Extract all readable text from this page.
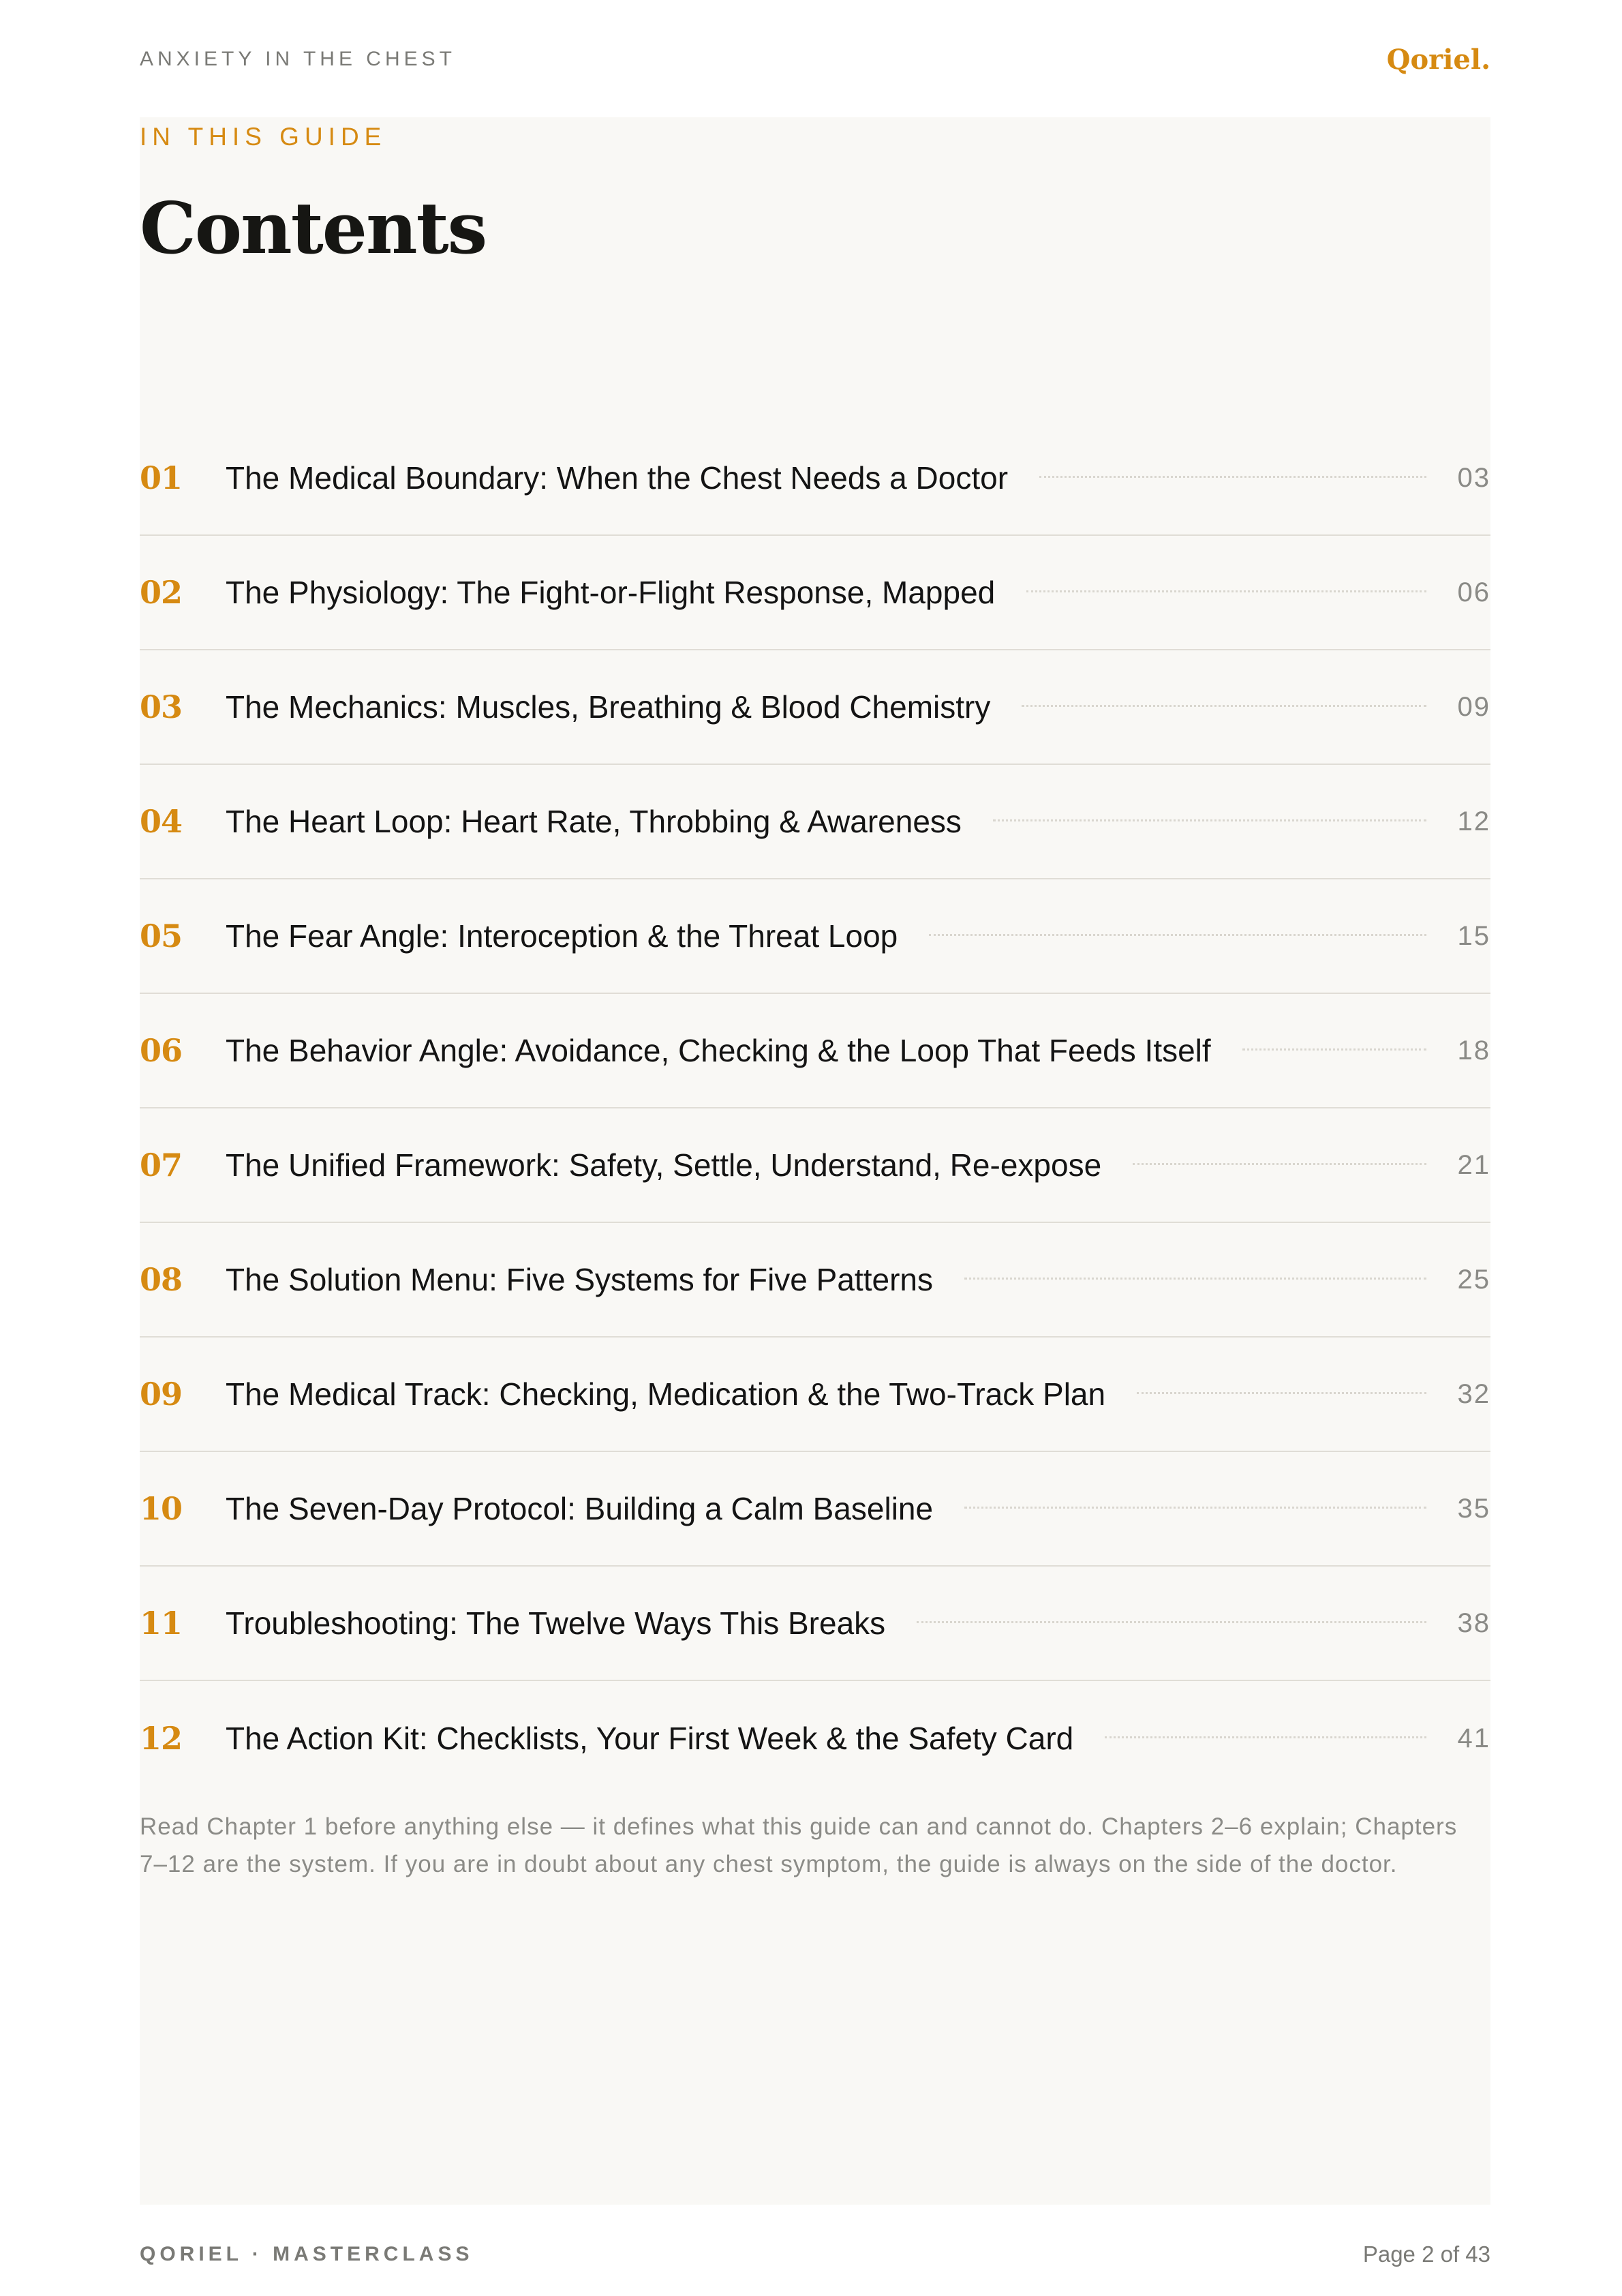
ANXIETY IN THE CHEST	Qoriel.
IN THIS GUIDE
Contents
01	The Medical Boundary: When the Chest Needs a Doctor	03
02	The Physiology: The Fight-or-Flight Response, Mapped	06
03	The Mechanics: Muscles, Breathing & Blood Chemistry	09
04	The Heart Loop: Heart Rate, Throbbing & Awareness	12
05	The Fear Angle: Interoception & the Threat Loop	15
06	The Behavior Angle: Avoidance, Checking & the Loop That Feeds Itself	18
07	The Unified Framework: Safety, Settle, Understand, Re-expose	21
08	The Solution Menu: Five Systems for Five Patterns	25
09	The Medical Track: Checking, Medication & the Two-Track Plan	32
10	The Seven-Day Protocol: Building a Calm Baseline	35
11	Troubleshooting: The Twelve Ways This Breaks	38
12	The Action Kit: Checklists, Your First Week & the Safety Card	41

Read Chapter 1 before anything else — it defines what this guide can and cannot do. Chapters 2–6 explain; Chapters 7–12 are the system. If you are in doubt about any chest symptom, the guide is always on the side of the doctor.

QORIEL · MASTERCLASS	Page 2 of 43
